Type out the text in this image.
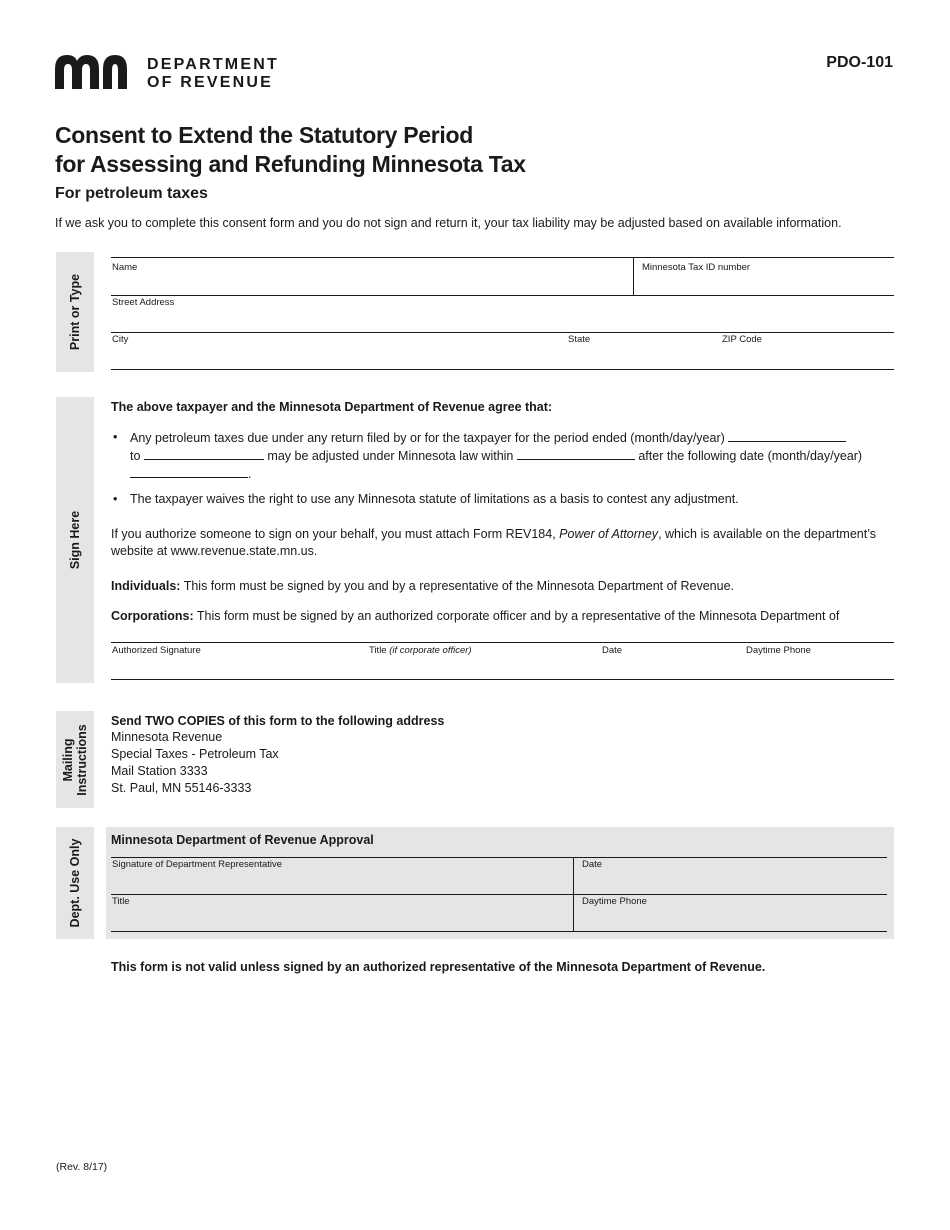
DEPARTMENT
OF REVENUE
PDO-101
Consent to Extend the Statutory Period
for Assessing and Refunding Minnesota Tax
For petroleum taxes
If we ask you to complete this consent form and you do not sign and return it, your tax liability may be adjusted based on available information.
Print or Type
Name	Minnesota Tax ID number
Street Address
City	State	ZIP Code
Sign Here
The above taxpayer and the Minnesota Department of Revenue agree that:
• Any petroleum taxes due under any return filed by or for the taxpayer for the period ended (month/day/year)
to	may be adjusted under Minnesota law within	after the following date (month/day/year)
.
• The taxpayer waives the right to use any Minnesota statute of limitations as a basis to contest any adjustment.
If you authorize someone to sign on your behalf, you must attach Form REV184, Power of Attorney, which is available on the department’s website at www.revenue.state.mn.us.
Individuals: This form must be signed by you and by a representative of the Minnesota Department of Revenue.
Corporations: This form must be signed by an authorized corporate officer and by a representative of the Minnesota Department of
Authorized Signature	Title (if corporate officer)	Date	Daytime Phone
Mailing Instructions
Send TWO COPIES of this form to the following address
Minnesota Revenue
Special Taxes - Petroleum Tax
Mail Station 3333
St. Paul, MN 55146-3333
Dept. Use Only Minnesota Department of Revenue Approval
Signature of Department Representative	Date
Title	Daytime Phone
This form is not valid unless signed by an authorized representative of the Minnesota Department of Revenue.
(Rev. 8/17)
